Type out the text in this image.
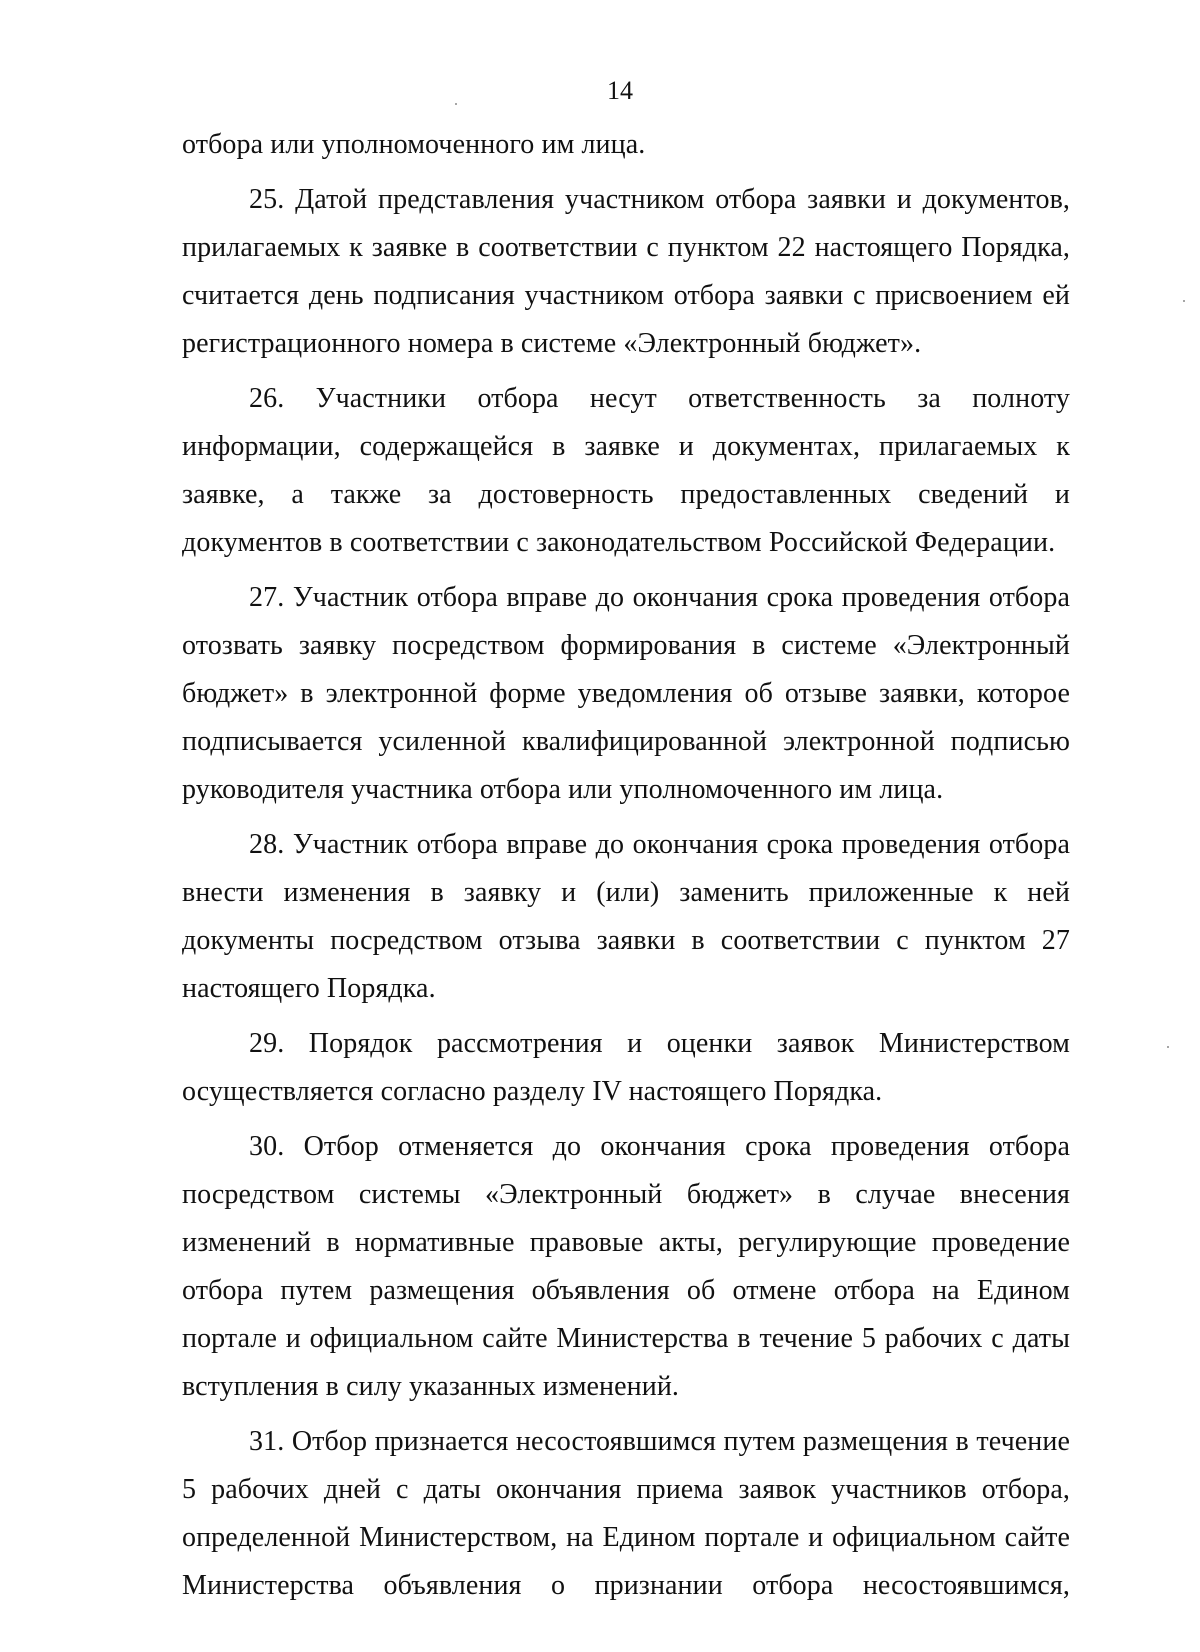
14

отбора или уполномоченного им лица.

25. Датой представления участником отбора заявки и документов, прилагаемых к заявке в соответствии с пунктом 22 настоящего Порядка, считается день подписания участником отбора заявки с присвоением ей регистрационного номера в системе «Электронный бюджет».

26. Участники отбора несут ответственность за полноту информации, содержащейся в заявке и документах, прилагаемых к заявке, а также за достоверность предоставленных сведений и документов в соответствии с законодательством Российской Федерации.

27. Участник отбора вправе до окончания срока проведения отбора отозвать заявку посредством формирования в системе «Электронный бюджет» в электронной форме уведомления об отзыве заявки, которое подписывается усиленной квалифицированной электронной подписью руководителя участника отбора или уполномоченного им лица.

28. Участник отбора вправе до окончания срока проведения отбора внести изменения в заявку и (или) заменить приложенные к ней документы посредством отзыва заявки в соответствии с пунктом 27 настоящего Порядка.

29. Порядок рассмотрения и оценки заявок Министерством осуществляется согласно разделу IV настоящего Порядка.

30. Отбор отменяется до окончания срока проведения отбора посредством системы «Электронный бюджет» в случае внесения изменений в нормативные правовые акты, регулирующие проведение отбора путем размещения объявления об отмене отбора на Едином портале и официальном сайте Министерства в течение 5 рабочих с даты вступления в силу указанных изменений.

31. Отбор признается несостоявшимся путем размещения в течение 5 рабочих дней с даты окончания приема заявок участников отбора, определенной Министерством, на Едином портале и официальном сайте Министерства объявления о признании отбора несостоявшимся,
